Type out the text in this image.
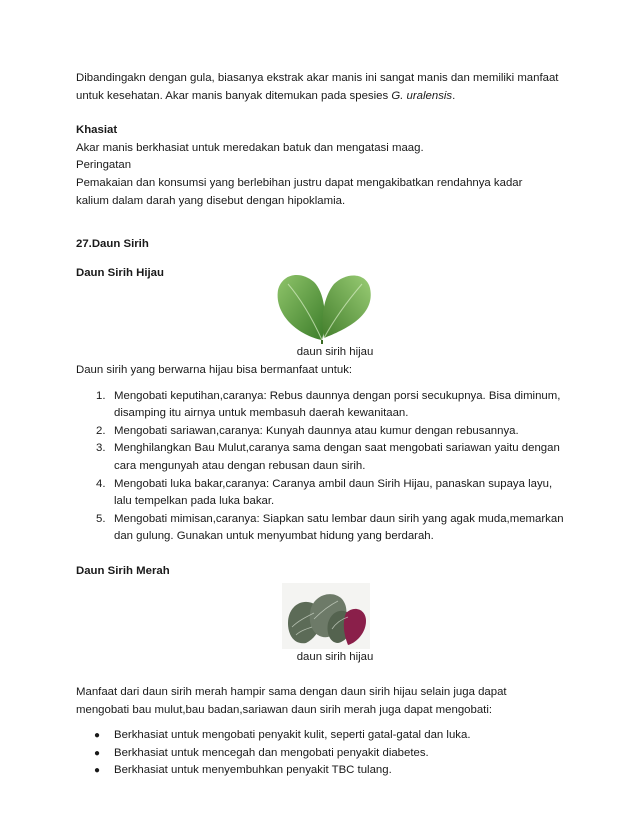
Dibandingakn dengan gula, biasanya ekstrak akar manis ini sangat manis dan memiliki manfaat

untuk kesehatan. Akar manis banyak ditemukan pada spesies G. uralensis.

Khasiat

Akar manis berkhasiat untuk meredakan batuk dan mengatasi maag.

Peringatan

Pemakaian dan konsumsi yang berlebihan justru dapat mengakibatkan rendahnya kadar

kalium dalam darah yang disebut dengan hipoklamia.

27.Daun Sirih

Daun Sirih Hijau

daun sirih hijau

Daun sirih yang berwarna hijau bisa bermanfaat untuk:

1. Mengobati keputihan,caranya: Rebus daunnya dengan porsi secukupnya. Bisa diminum,
disamping itu airnya untuk membasuh daerah kewanitaan.
2. Mengobati sariawan,caranya: Kunyah daunnya atau kumur dengan rebusannya.
3. Menghilangkan Bau Mulut,caranya sama dengan saat mengobati sariawan yaitu dengan
cara mengunyah atau dengan rebusan daun sirih.
4. Mengobati luka bakar,caranya: Caranya ambil daun Sirih Hijau, panaskan supaya layu,
lalu tempelkan pada luka bakar.
5. Mengobati mimisan,caranya: Siapkan satu lembar daun sirih yang agak muda,memarkan
dan gulung. Gunakan untuk menyumbat hidung yang berdarah.

Daun Sirih Merah

daun sirih hijau

Manfaat dari daun sirih merah hampir sama dengan daun sirih hijau selain juga dapat

mengobati bau mulut,bau badan,sariawan daun sirih merah juga dapat mengobati:

● Berkhasiat untuk mengobati penyakit kulit, seperti gatal-gatal dan luka.
● Berkhasiat untuk mencegah dan mengobati penyakit diabetes.
● Berkhasiat untuk menyembuhkan penyakit TBC tulang.
